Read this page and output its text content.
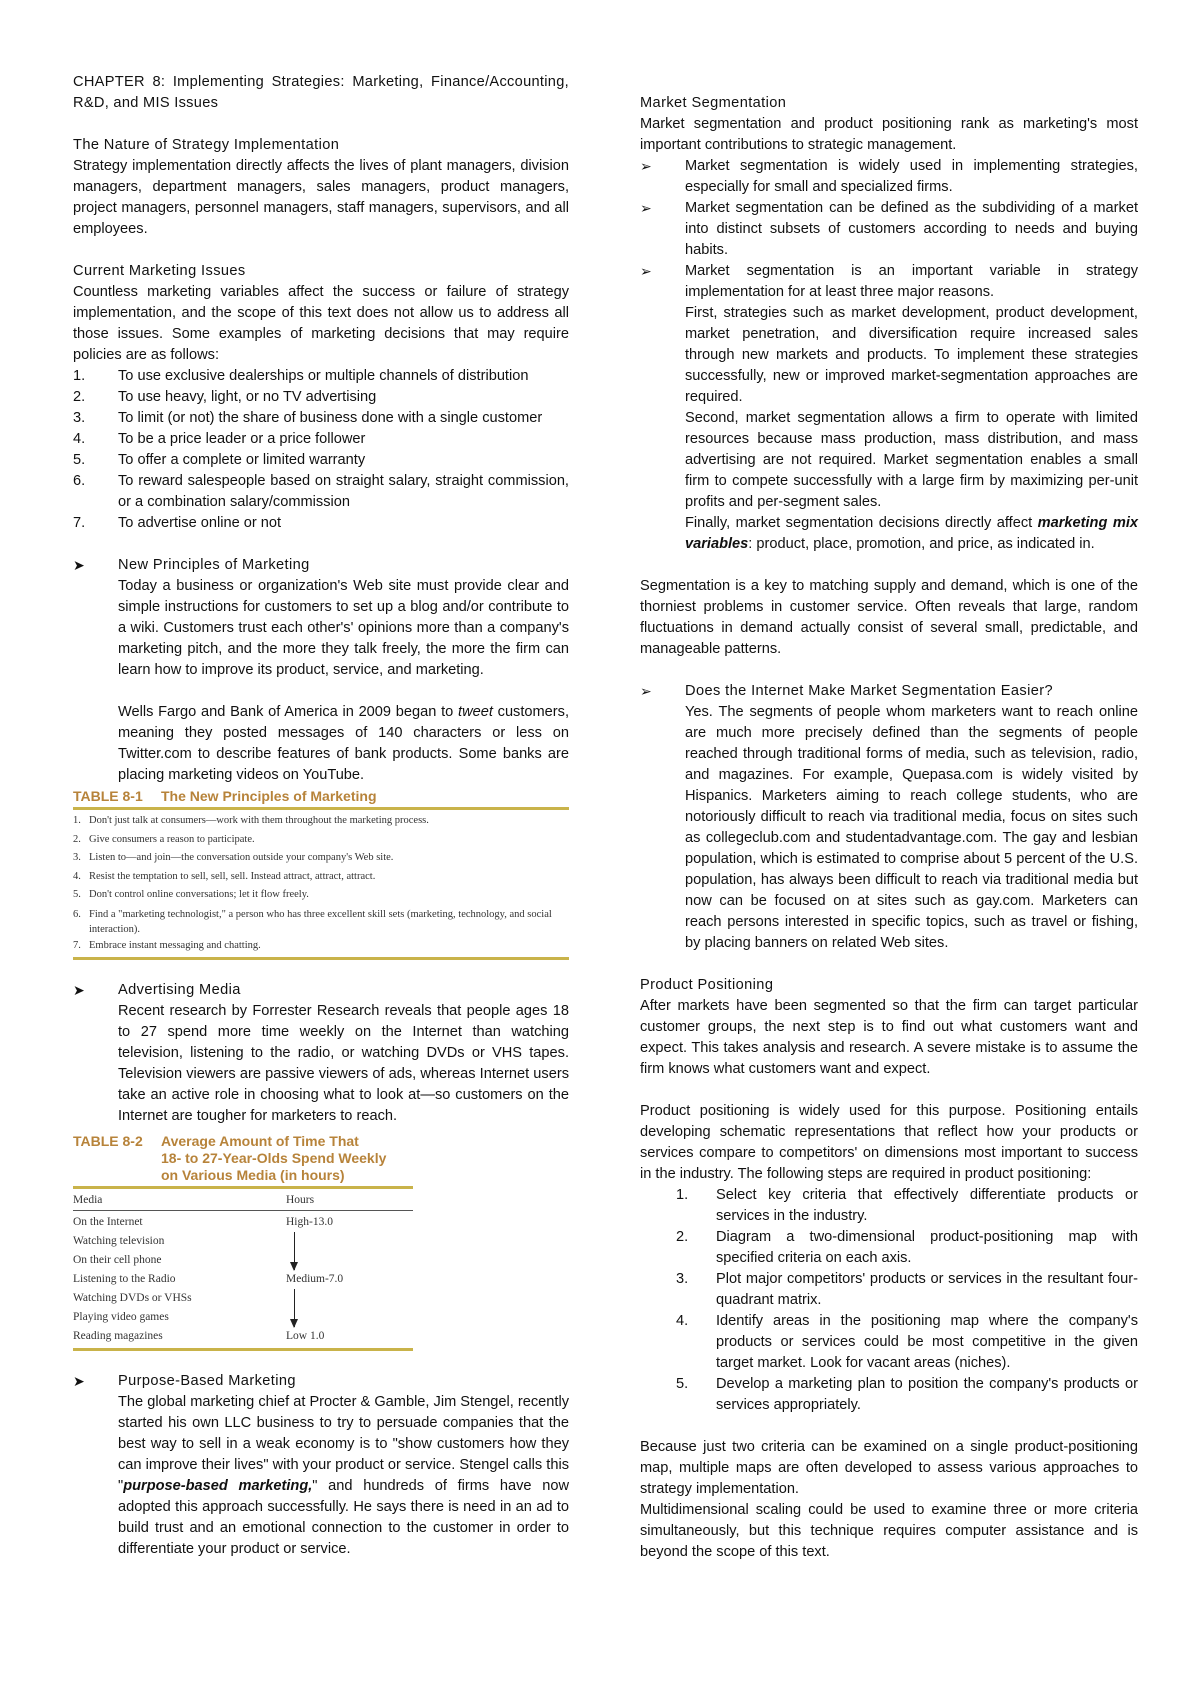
CHAPTER 8: Implementing Strategies: Marketing, Finance/Accounting, R&D, and MIS Issues

The Nature of Strategy Implementation

Strategy implementation directly affects the lives of plant managers, division managers, department managers, sales managers, product managers, project managers, personnel managers, staff managers, supervisors, and all employees.

Current Marketing Issues

Countless marketing variables affect the success or failure of strategy implementation, and the scope of this text does not allow us to address all those issues. Some examples of marketing decisions that may require policies are as follows:

1.	To use exclusive dealerships or multiple channels of distribution
2.	To use heavy, light, or no TV advertising
3.	To limit (or not) the share of business done with a single customer
4.	To be a price leader or a price follower
5.	To offer a complete or limited warranty
6.	To reward salespeople based on straight salary, straight commission, or a combination salary/commission
7.	To advertise online or not
➤	New Principles of Marketing

Today a business or organization's Web site must provide clear and simple instructions for customers to set up a blog and/or contribute to a wiki. Customers trust each other's' opinions more than a company's marketing pitch, and the more they talk freely, the more the firm can learn how to improve its product, service, and marketing.

Wells Fargo and Bank of America in 2009 began to tweet customers, meaning they posted messages of 140 characters or less on Twitter.com to describe features of bank products. Some banks are placing marketing videos on YouTube.

TABLE 8-1	The New Principles of Marketing
1. Don't just talk at consumers—work with them throughout the marketing process.
2. Give consumers a reason to participate.
3. Listen to—and join—the conversation outside your company's Web site.
4. Resist the temptation to sell, sell, sell. Instead attract, attract, attract.
5. Don't control online conversations; let it flow freely.
6. Find a "marketing technologist," a person who has three excellent skill sets (marketing, technology, and social interaction).
7. Embrace instant messaging and chatting.
➤	Advertising Media

Recent research by Forrester Research reveals that people ages 18 to 27 spend more time weekly on the Internet than watching television, listening to the radio, or watching DVDs or VHS tapes. Television viewers are passive viewers of ads, whereas Internet users take an active role in choosing what to look at—so customers on the Internet are tougher for marketers to reach.

TABLE 8-2	Average Amount of Time That
18- to 27-Year-Olds Spend Weekly
on Various Media (in hours)
Media	Hours
On the Internet	High-13.0
Watching television
On their cell phone
Listening to the Radio	Medium-7.0
Watching DVDs or VHSs
Playing video games
Reading magazines	Low 1.0
➤	Purpose-Based Marketing

The global marketing chief at Procter & Gamble, Jim Stengel, recently started his own LLC business to try to persuade companies that the best way to sell in a weak economy is to "show customers how they can improve their lives" with your product or service. Stengel calls this "purpose-based marketing," and hundreds of firms have now adopted this approach successfully. He says there is need in an ad to build trust and an emotional connection to the customer in order to differentiate your product or service.

Market Segmentation

Market segmentation and product positioning rank as marketing's most important contributions to strategic management.

➢	Market segmentation is widely used in implementing strategies, especially for small and specialized firms.

➢	Market segmentation can be defined as the subdividing of a market into distinct subsets of customers according to needs and buying habits.

➢	Market segmentation is an important variable in strategy implementation for at least three major reasons.

First, strategies such as market development, product development, market penetration, and diversification require increased sales through new markets and products. To implement these strategies successfully, new or improved market-segmentation approaches are required.

Second, market segmentation allows a firm to operate with limited resources because mass production, mass distribution, and mass advertising are not required. Market segmentation enables a small firm to compete successfully with a large firm by maximizing per-unit profits and per-segment sales.

Finally, market segmentation decisions directly affect marketing mix variables: product, place, promotion, and price, as indicated in.

Segmentation is a key to matching supply and demand, which is one of the thorniest problems in customer service. Often reveals that large, random fluctuations in demand actually consist of several small, predictable, and manageable patterns.

➢	Does the Internet Make Market Segmentation Easier?

Yes. The segments of people whom marketers want to reach online are much more precisely defined than the segments of people reached through traditional forms of media, such as television, radio, and magazines. For example, Quepasa.com is widely visited by Hispanics. Marketers aiming to reach college students, who are notoriously difficult to reach via traditional media, focus on sites such as collegeclub.com and studentadvantage.com. The gay and lesbian population, which is estimated to comprise about 5 percent of the U.S. population, has always been difficult to reach via traditional media but now can be focused on at sites such as gay.com. Marketers can reach persons interested in specific topics, such as travel or fishing, by placing banners on related Web sites.

Product Positioning

After markets have been segmented so that the firm can target particular customer groups, the next step is to find out what customers want and expect. This takes analysis and research. A severe mistake is to assume the firm knows what customers want and expect.

Product positioning is widely used for this purpose. Positioning entails developing schematic representations that reflect how your products or services compare to competitors' on dimensions most important to success in the industry. The following steps are required in product positioning:

1.	Select key criteria that effectively differentiate products or services in the industry.
2.	Diagram a two-dimensional product-positioning map with specified criteria on each axis.
3.	Plot major competitors' products or services in the resultant four-quadrant matrix.
4.	Identify areas in the positioning map where the company's products or services could be most competitive in the given target market. Look for vacant areas (niches).
5.	Develop a marketing plan to position the company's products or services appropriately.

Because just two criteria can be examined on a single product-positioning map, multiple maps are often developed to assess various approaches to strategy implementation.

Multidimensional scaling could be used to examine three or more criteria simultaneously, but this technique requires computer assistance and is beyond the scope of this text.
